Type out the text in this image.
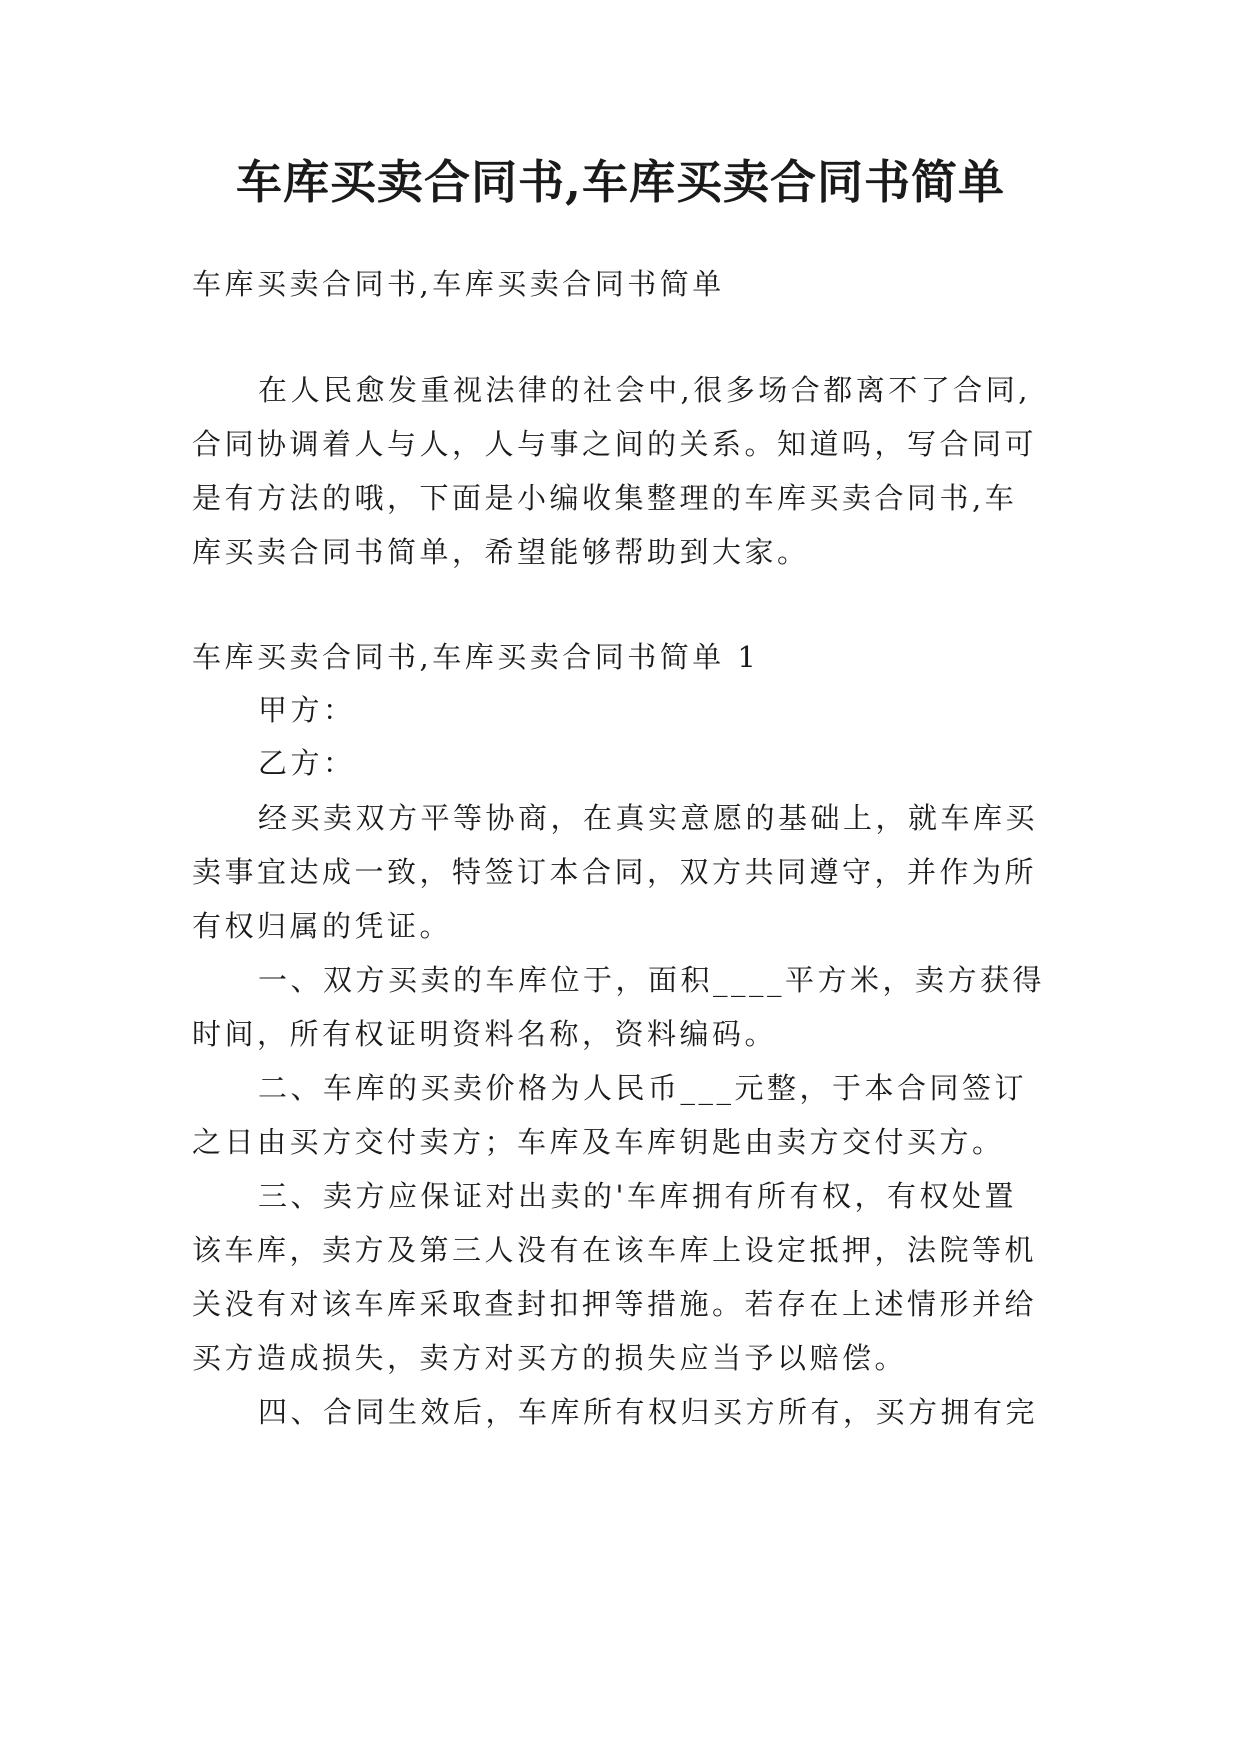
车库买卖合同书,车库买卖合同书简单

车库买卖合同书,车库买卖合同书简单

在人民愈发重视法律的社会中,很多场合都离不了合同,

合同协调着人与人，人与事之间的关系。知道吗，写合同可

是有方法的哦，下面是小编收集整理的车库买卖合同书,车

库买卖合同书简单，希望能够帮助到大家。

车库买卖合同书,车库买卖合同书简单 1

甲方：

乙方：

经买卖双方平等协商，在真实意愿的基础上，就车库买

卖事宜达成一致，特签订本合同，双方共同遵守，并作为所

有权归属的凭证。

一、双方买卖的车库位于，面积____平方米，卖方获得

时间，所有权证明资料名称，资料编码。

二、车库的买卖价格为人民币___元整，于本合同签订

之日由买方交付卖方；车库及车库钥匙由卖方交付买方。

三、卖方应保证对出卖的'车库拥有所有权，有权处置

该车库，卖方及第三人没有在该车库上设定抵押，法院等机

关没有对该车库采取查封扣押等措施。若存在上述情形并给

买方造成损失，卖方对买方的损失应当予以赔偿。

四、合同生效后，车库所有权归买方所有，买方拥有完
